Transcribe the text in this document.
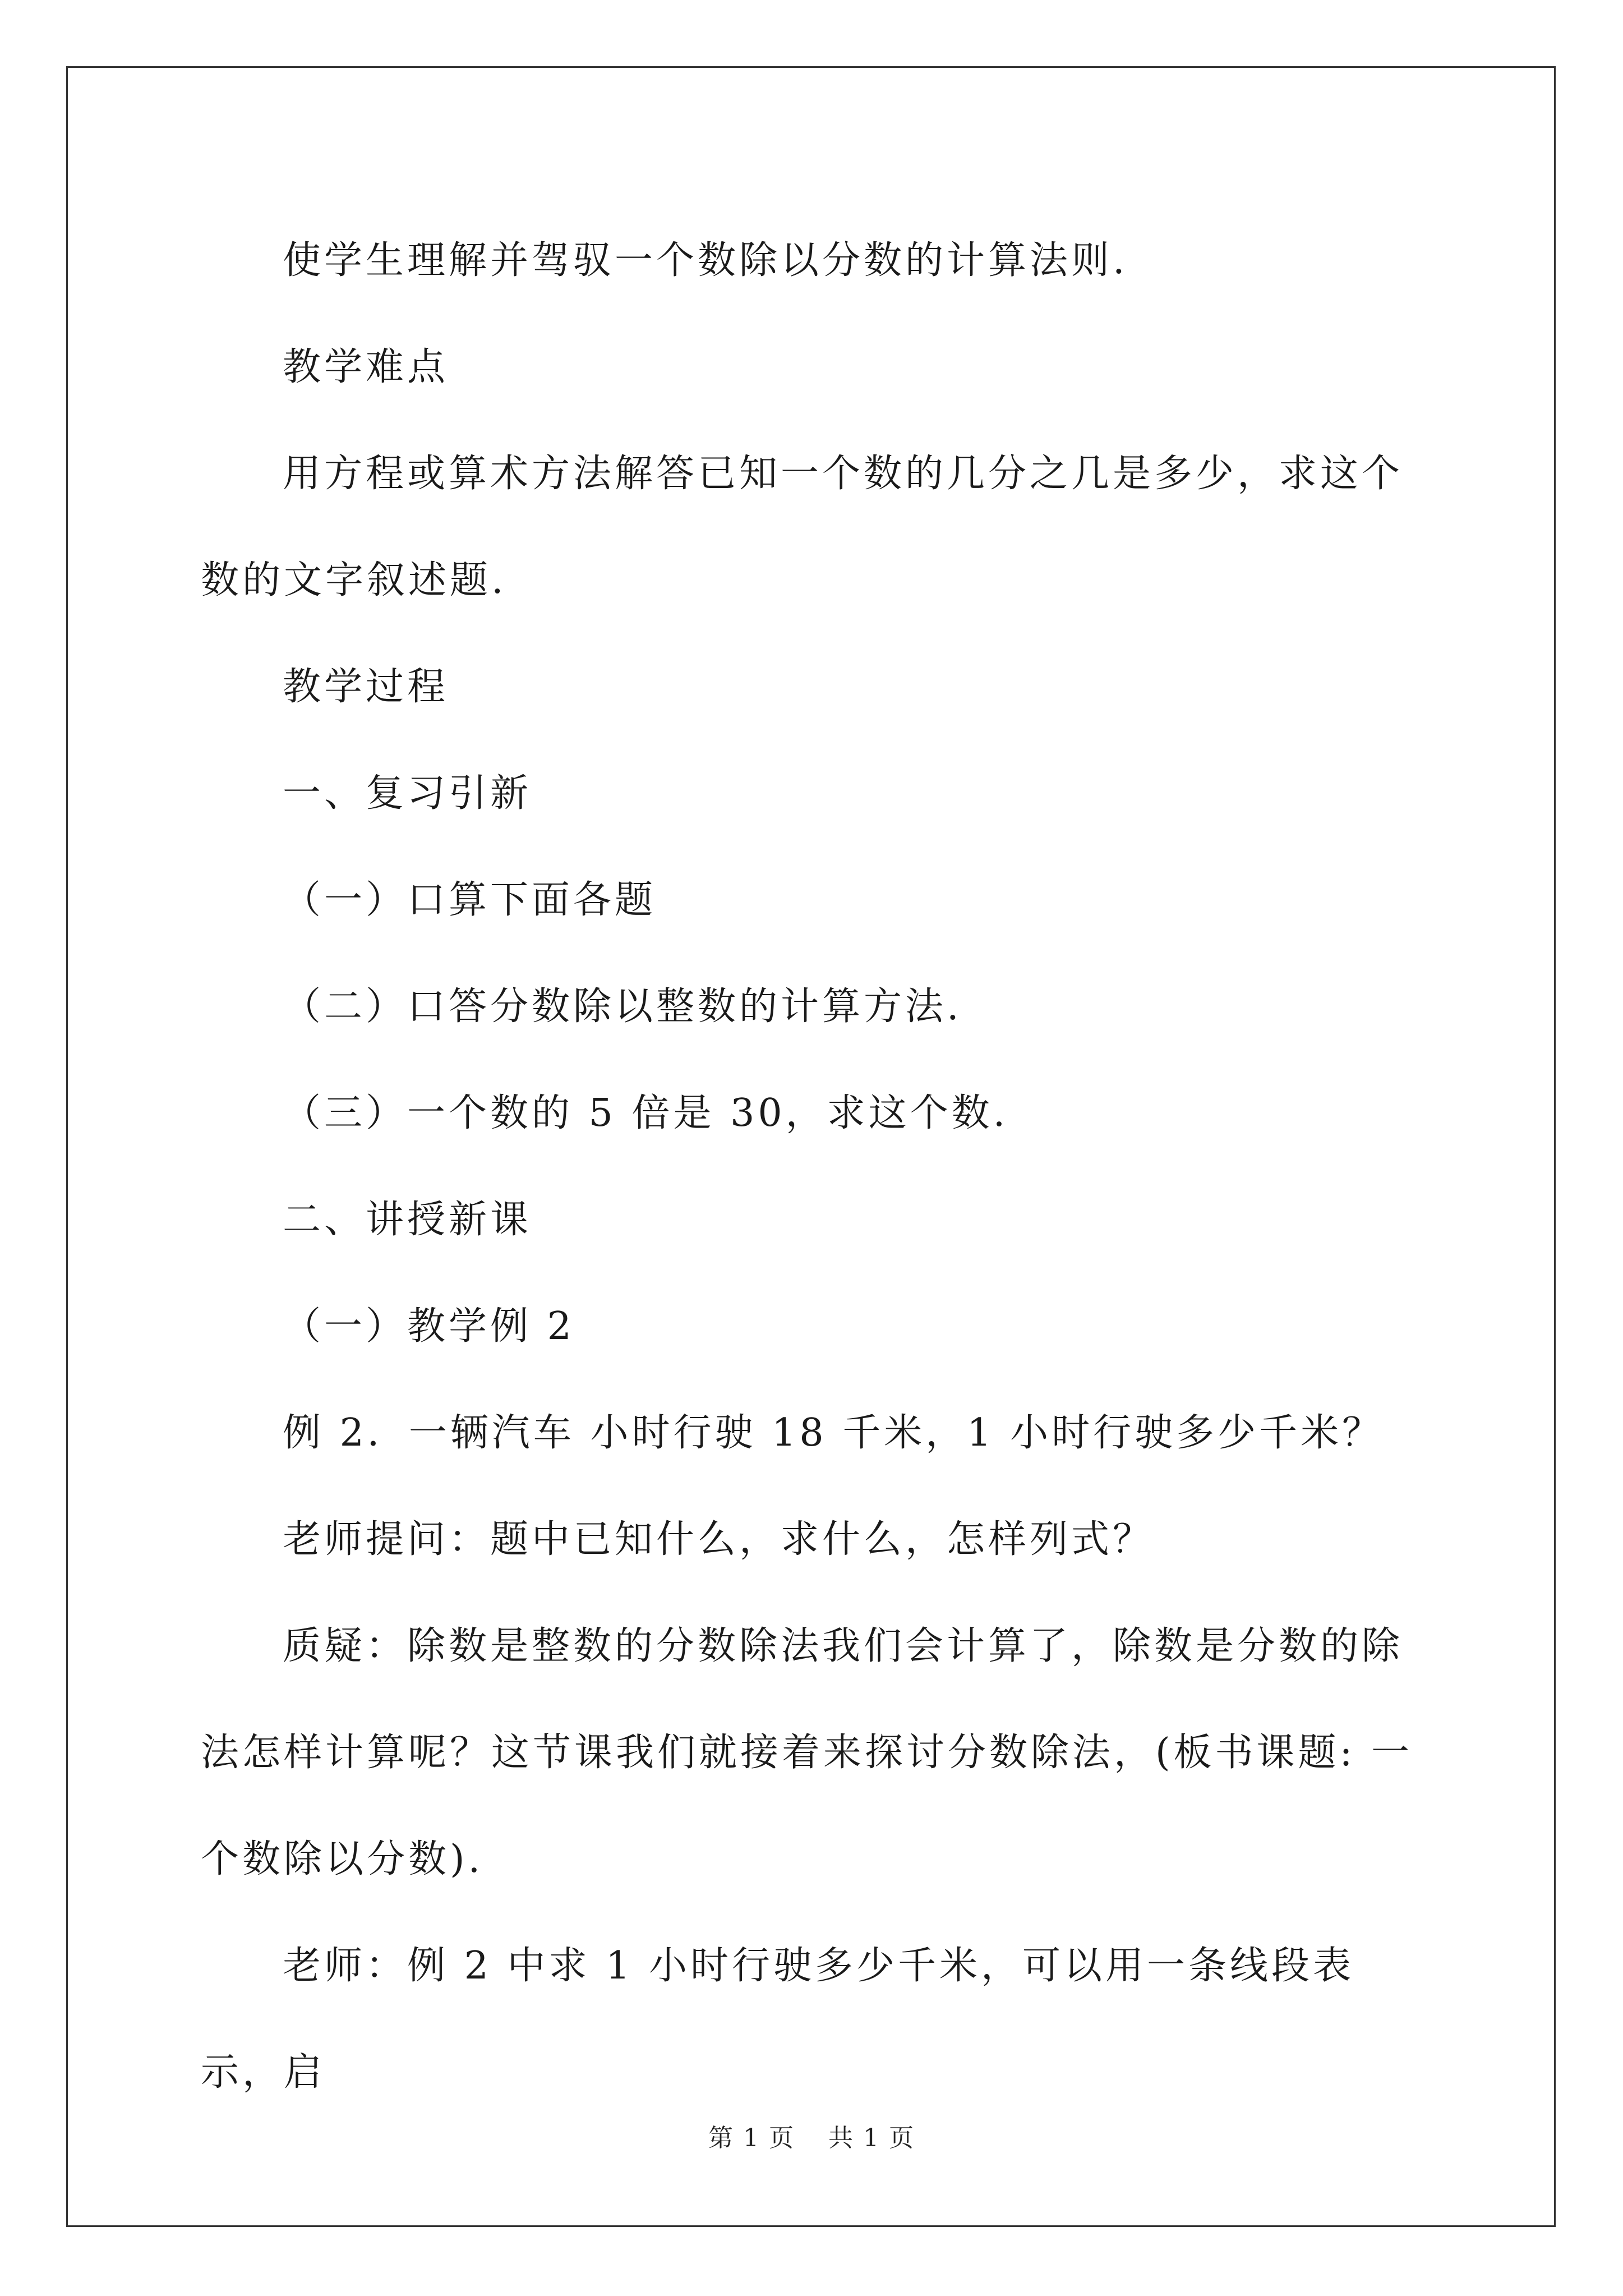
使学生理解并驾驭一个数除以分数的计算法则.

教学难点

用方程或算术方法解答已知一个数的几分之几是多少，求这个数的文字叙述题.

教学过程

一、复习引新

（一）口算下面各题

（二）口答分数除以整数的计算方法.

（三）一个数的 5 倍是 30，求这个数.

二、讲授新课

（一）教学例 2

例 2．一辆汽车 小时行驶 18 千米，1 小时行驶多少千米？

老师提问：题中已知什么，求什么，怎样列式？

质疑：除数是整数的分数除法我们会计算了，除数是分数的除法怎样计算呢？这节课我们就接着来探讨分数除法，(板书课题: 一个数除以分数).

老师：例 2 中求 1 小时行驶多少千米，可以用一条线段表示，启

第 1 页 共 1 页
